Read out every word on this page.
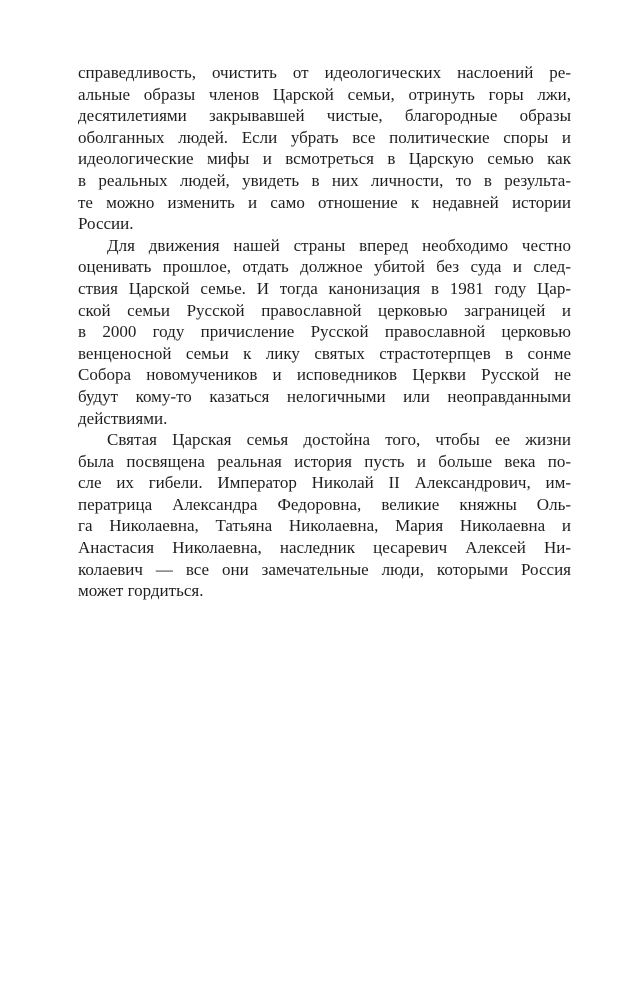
справедливость, очистить от идеологических наслоений ре-
альные образы членов Царской семьи, отринуть горы лжи,
десятилетиями закрывавшей чистые, благородные образы
оболганных людей. Если убрать все политические споры и
идеологические мифы и всмотреться в Царскую семью как
в реальных людей, увидеть в них личности, то в результа-
те можно изменить и само отношение к недавней истории
России.

Для движения нашей страны вперед необходимо честно
оценивать прошлое, отдать должное убитой без суда и след-
ствия Царской семье. И тогда канонизация в 1981 году Цар-
ской семьи Русской православной церковью заграницей и
в 2000 году причисление Русской православной церковью
венценосной семьи к лику святых страстотерпцев в сонме
Собора новомучеников и исповедников Церкви Русской не
будут кому-то казаться нелогичными или неоправданными
действиями.

Святая Царская семья достойна того, чтобы ее жизни
была посвящена реальная история пусть и больше века по-
сле их гибели. Император Николай II Александрович, им-
ператрица Александра Федоровна, великие княжны Оль-
га Николаевна, Татьяна Николаевна, Мария Николаевна и
Анастасия Николаевна, наследник цесаревич Алексей Ни-
колаевич — все они замечательные люди, которыми Россия
может гордиться.
